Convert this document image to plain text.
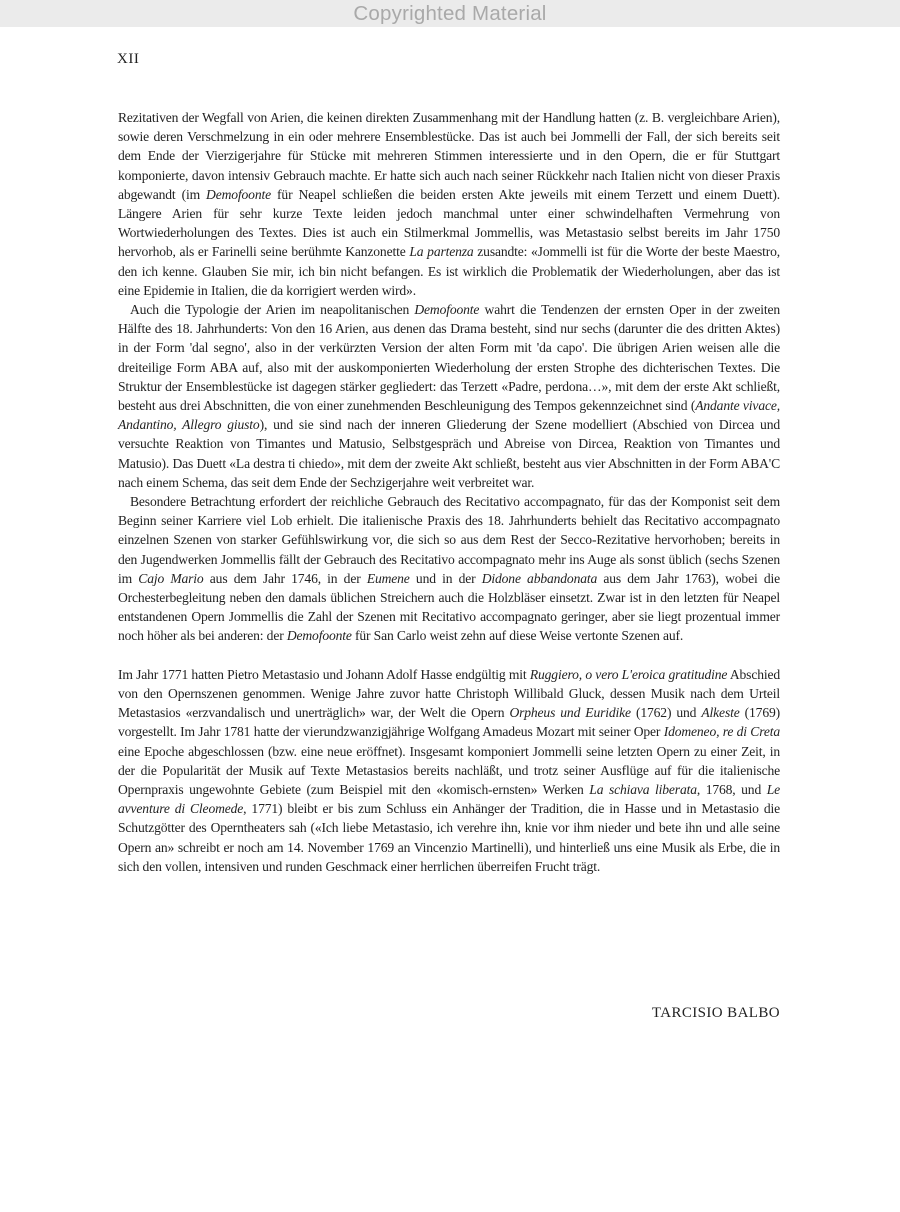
Copyrighted Material
XII

Rezitativen der Wegfall von Arien, die keinen direkten Zusammenhang mit der Handlung hatten (z. B. vergleichbare Arien), sowie deren Verschmelzung in ein oder mehrere Ensemblestücke. Das ist auch bei Jommelli der Fall, der sich bereits seit dem Ende der Vierzigerjahre für Stücke mit mehreren Stimmen interessierte und in den Opern, die er für Stuttgart komponierte, davon intensiv Gebrauch machte. Er hatte sich auch nach seiner Rückkehr nach Italien nicht von dieser Praxis abgewandt (im Demofoonte für Neapel schließen die beiden ersten Akte jeweils mit einem Terzett und einem Duett). Längere Arien für sehr kurze Texte leiden jedoch manchmal unter einer schwindelhaften Vermehrung von Wortwiederholungen des Textes. Dies ist auch ein Stilmerkmal Jommellis, was Metastasio selbst bereits im Jahr 1750 hervorhob, als er Farinelli seine berühmte Kanzonette La partenza zusandte: «Jommelli ist für die Worte der beste Maestro, den ich kenne. Glauben Sie mir, ich bin nicht befangen. Es ist wirklich die Problematik der Wiederholungen, aber das ist eine Epidemie in Italien, die da korrigiert werden wird».

Auch die Typologie der Arien im neapolitanischen Demofoonte wahrt die Tendenzen der ernsten Oper in der zweiten Hälfte des 18. Jahrhunderts: Von den 16 Arien, aus denen das Drama besteht, sind nur sechs (darunter die des dritten Aktes) in der Form 'dal segno', also in der verkürzten Version der alten Form mit 'da capo'. Die übrigen Arien weisen alle die dreiteilige Form ABA auf, also mit der auskomponierten Wiederholung der ersten Strophe des dichterischen Textes. Die Struktur der Ensemblestücke ist dagegen stärker gegliedert: das Terzett «Padre, perdona…», mit dem der erste Akt schließt, besteht aus drei Abschnitten, die von einer zunehmenden Beschleunigung des Tempos gekennzeichnet sind (Andante vivace, Andantino, Allegro giusto), und sie sind nach der inneren Gliederung der Szene modelliert (Abschied von Dircea und versuchte Reaktion von Timantes und Matusio, Selbstgespräch und Abreise von Dircea, Reaktion von Timantes und Matusio). Das Duett «La destra ti chiedo», mit dem der zweite Akt schließt, besteht aus vier Abschnitten in der Form ABA'C nach einem Schema, das seit dem Ende der Sechzigerjahre weit verbreitet war.

Besondere Betrachtung erfordert der reichliche Gebrauch des Recitativo accompagnato, für das der Komponist seit dem Beginn seiner Karriere viel Lob erhielt. Die italienische Praxis des 18. Jahrhunderts behielt das Recitativo accompagnato einzelnen Szenen von starker Gefühlswirkung vor, die sich so aus dem Rest der Secco-Rezitative hervorhoben; bereits in den Jugendwerken Jommellis fällt der Gebrauch des Recitativo accompagnato mehr ins Auge als sonst üblich (sechs Szenen im Cajo Mario aus dem Jahr 1746, in der Eumene und in der Didone abbandonata aus dem Jahr 1763), wobei die Orchesterbegleitung neben den damals üblichen Streichern auch die Holzbläser einsetzt. Zwar ist in den letzten für Neapel entstandenen Opern Jommellis die Zahl der Szenen mit Recitativo accompagnato geringer, aber sie liegt prozentual immer noch höher als bei anderen: der Demofoonte für San Carlo weist zehn auf diese Weise vertonte Szenen auf.

Im Jahr 1771 hatten Pietro Metastasio und Johann Adolf Hasse endgültig mit Ruggiero, o vero L'eroica gratitudine Abschied von den Opernszenen genommen. Wenige Jahre zuvor hatte Christoph Willibald Gluck, dessen Musik nach dem Urteil Metastasios «erzvandalisch und unerträglich» war, der Welt die Opern Orpheus und Euridike (1762) und Alkeste (1769) vorgestellt. Im Jahr 1781 hatte der vierundzwanzigjährige Wolfgang Amadeus Mozart mit seiner Oper Idomeneo, re di Creta eine Epoche abgeschlossen (bzw. eine neue eröffnet). Insgesamt komponiert Jommelli seine letzten Opern zu einer Zeit, in der die Popularität der Musik auf Texte Metastasios bereits nachläßt, und trotz seiner Ausflüge auf für die italienische Opernpraxis ungewohnte Gebiete (zum Beispiel mit den «komisch-ernsten» Werken La schiava liberata, 1768, und Le avventure di Cleomede, 1771) bleibt er bis zum Schluss ein Anhänger der Tradition, die in Hasse und in Metastasio die Schutzgötter des Operntheaters sah («Ich liebe Metastasio, ich verehre ihn, knie vor ihm nieder und bete ihn und alle seine Opern an» schreibt er noch am 14. November 1769 an Vincenzio Martinelli), und hinterließ uns eine Musik als Erbe, die in sich den vollen, intensiven und runden Geschmack einer herrlichen überreifen Frucht trägt.

TARCISIO BALBO
